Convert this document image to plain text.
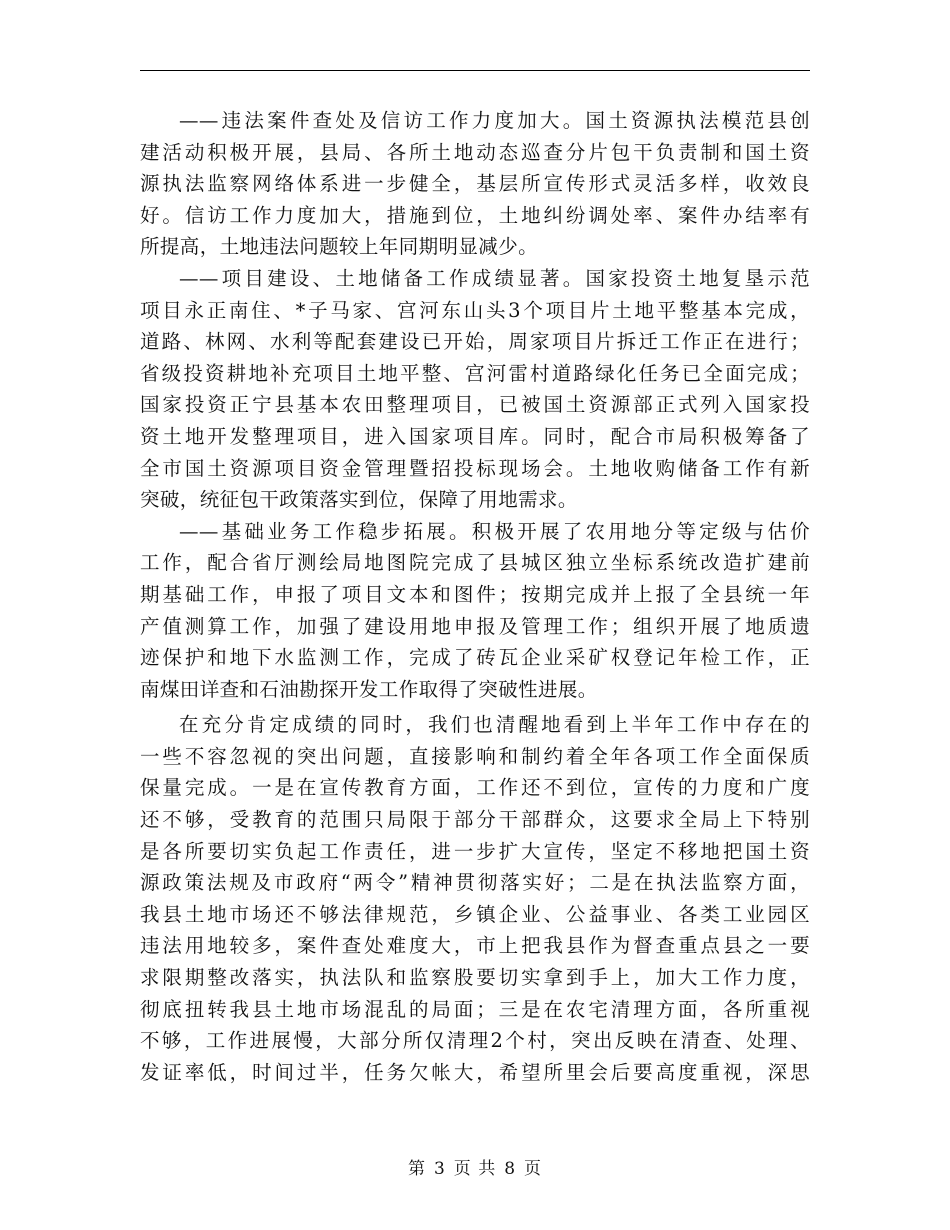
——违法案件查处及信访工作力度加大。国土资源执法模范县创
建活动积极开展，县局、各所土地动态巡查分片包干负责制和国土资
源执法监察网络体系进一步健全，基层所宣传形式灵活多样，收效良
好。信访工作力度加大，措施到位，土地纠纷调处率、案件办结率有
所提高，土地违法问题较上年同期明显减少。
——项目建设、土地储备工作成绩显著。国家投资土地复垦示范
项目永正南住、*子马家、宫河东山头3个项目片土地平整基本完成，
道路、林网、水利等配套建设已开始，周家项目片拆迁工作正在进行；
省级投资耕地补充项目土地平整、宫河雷村道路绿化任务已全面完成；
国家投资正宁县基本农田整理项目，已被国土资源部正式列入国家投
资土地开发整理项目，进入国家项目库。同时，配合市局积极筹备了
全市国土资源项目资金管理暨招投标现场会。土地收购储备工作有新
突破，统征包干政策落实到位，保障了用地需求。
——基础业务工作稳步拓展。积极开展了农用地分等定级与估价
工作，配合省厅测绘局地图院完成了县城区独立坐标系统改造扩建前
期基础工作，申报了项目文本和图件；按期完成并上报了全县统一年
产值测算工作，加强了建设用地申报及管理工作；组织开展了地质遗
迹保护和地下水监测工作，完成了砖瓦企业采矿权登记年检工作，正
南煤田详查和石油勘探开发工作取得了突破性进展。
在充分肯定成绩的同时，我们也清醒地看到上半年工作中存在的
一些不容忽视的突出问题，直接影响和制约着全年各项工作全面保质
保量完成。一是在宣传教育方面，工作还不到位，宣传的力度和广度
还不够，受教育的范围只局限于部分干部群众，这要求全局上下特别
是各所要切实负起工作责任，进一步扩大宣传，坚定不移地把国土资
源政策法规及市政府“两令”精神贯彻落实好；二是在执法监察方面，
我县土地市场还不够法律规范，乡镇企业、公益事业、各类工业园区
违法用地较多，案件查处难度大，市上把我县作为督查重点县之一要
求限期整改落实，执法队和监察股要切实拿到手上，加大工作力度，
彻底扭转我县土地市场混乱的局面；三是在农宅清理方面，各所重视
不够，工作进展慢，大部分所仅清理2个村，突出反映在清查、处理、
发证率低，时间过半，任务欠帐大，希望所里会后要高度重视，深思
第 3 页 共 8 页
